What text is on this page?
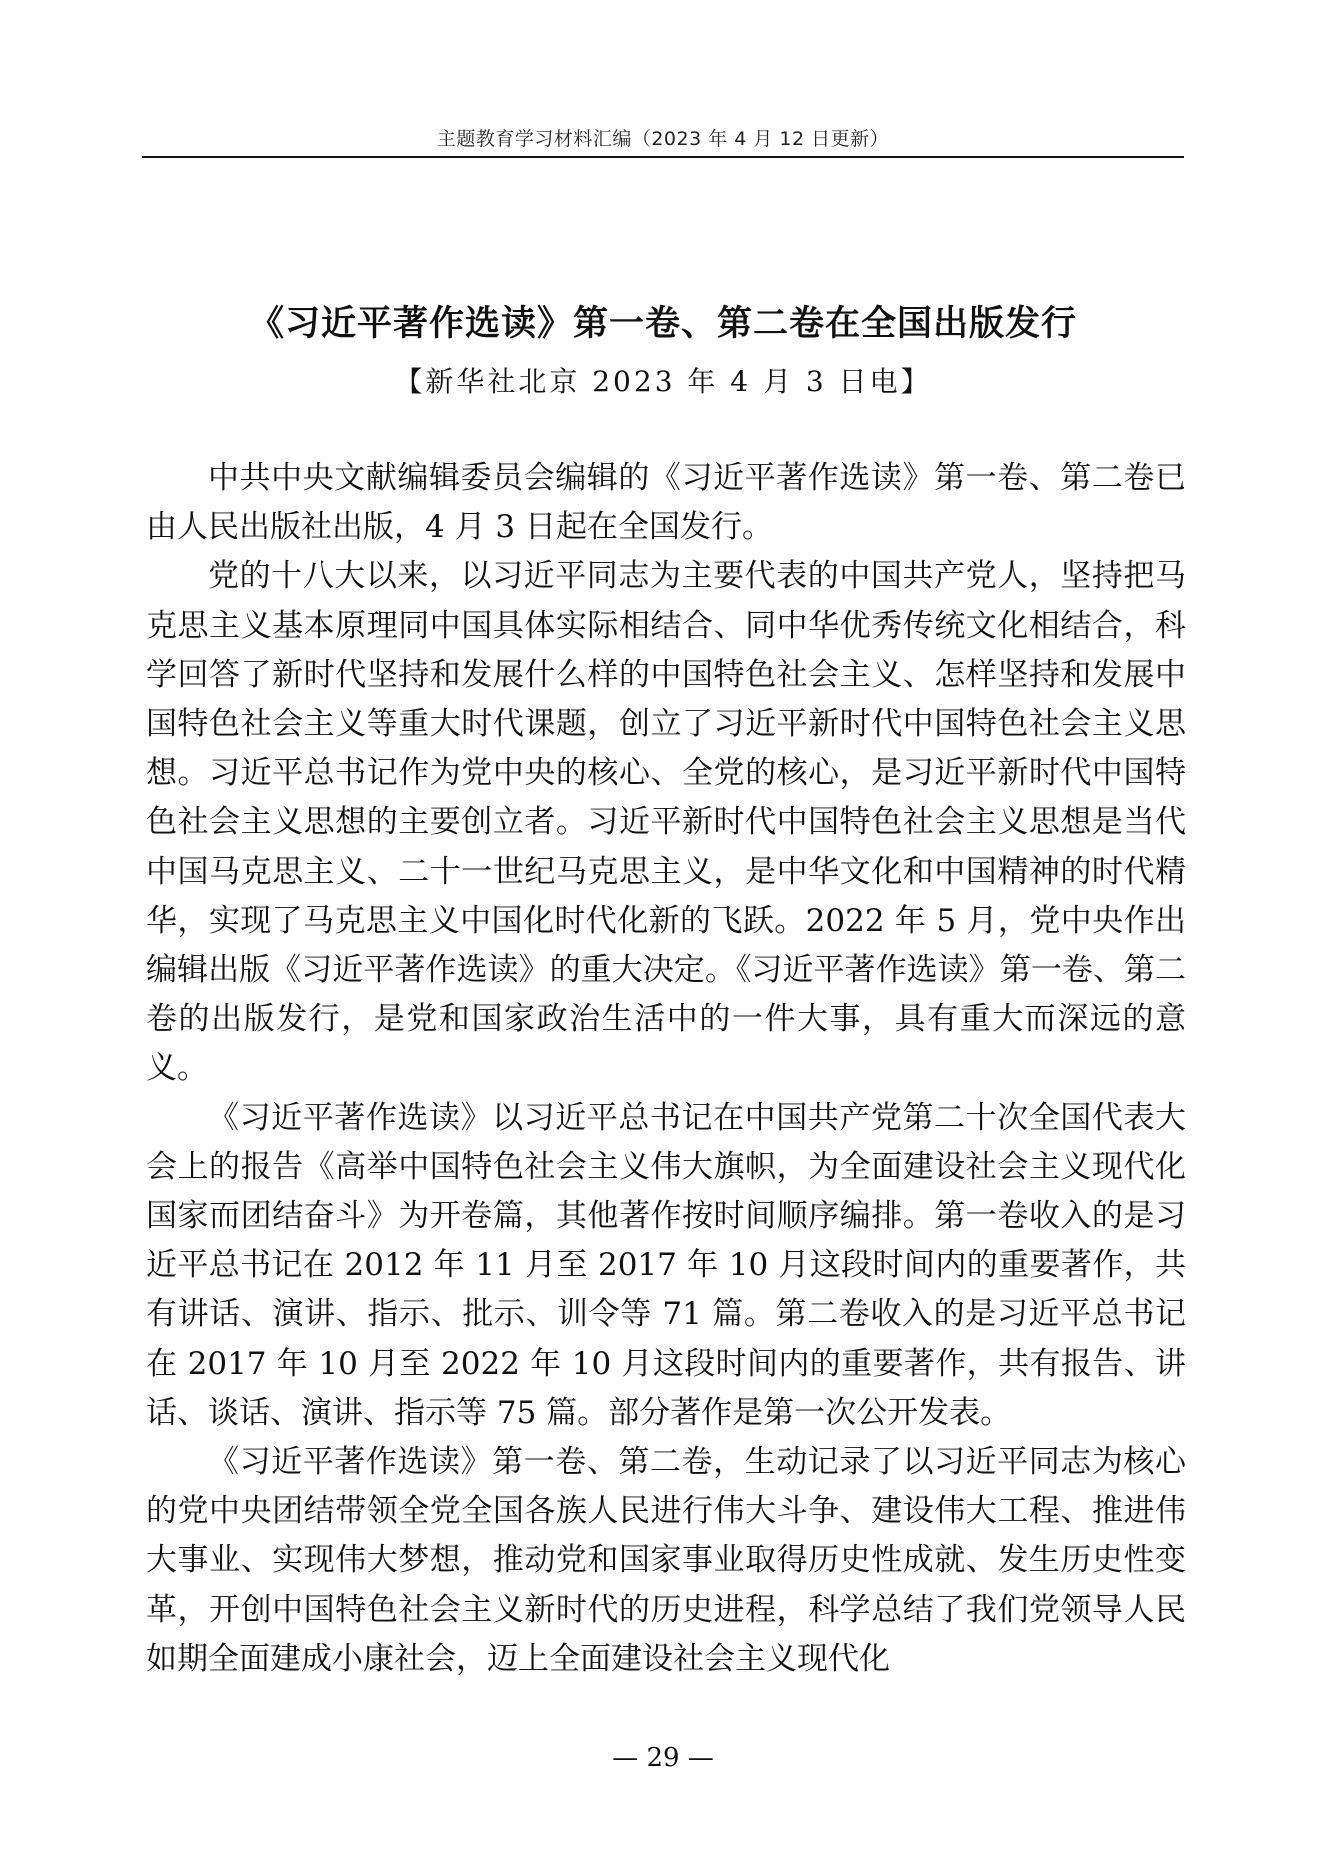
主题教育学习材料汇编（2023 年 4 月 12 日更新）
《习近平著作选读》第一卷、第二卷在全国出版发行
【新华社北京 2023 年 4 月 3 日电】

中共中央文献编辑委员会编辑的《习近平著作选读》第一卷、第二卷已由人民出版社出版，4 月 3 日起在全国发行。

党的十八大以来，以习近平同志为主要代表的中国共产党人，坚持把马克思主义基本原理同中国具体实际相结合、同中华优秀传统文化相结合，科学回答了新时代坚持和发展什么样的中国特色社会主义、怎样坚持和发展中国特色社会主义等重大时代课题，创立了习近平新时代中国特色社会主义思想。习近平总书记作为党中央的核心、全党的核心，是习近平新时代中国特色社会主义思想的主要创立者。习近平新时代中国特色社会主义思想是当代中国马克思主义、二十一世纪马克思主义，是中华文化和中国精神的时代精华，实现了马克思主义中国化时代化新的飞跃。2022 年 5 月，党中央作出编辑出版《习近平著作选读》的重大决定。《习近平著作选读》第一卷、第二卷的出版发行，是党和国家政治生活中的一件大事，具有重大而深远的意义。

《习近平著作选读》以习近平总书记在中国共产党第二十次全国代表大会上的报告《高举中国特色社会主义伟大旗帜，为全面建设社会主义现代化国家而团结奋斗》为开卷篇，其他著作按时间顺序编排。第一卷收入的是习近平总书记在 2012 年 11 月至 2017 年 10 月这段时间内的重要著作，共有讲话、演讲、指示、批示、训令等 71 篇。第二卷收入的是习近平总书记在 2017 年 10 月至 2022 年 10 月这段时间内的重要著作，共有报告、讲话、谈话、演讲、指示等 75 篇。部分著作是第一次公开发表。

《习近平著作选读》第一卷、第二卷，生动记录了以习近平同志为核心的党中央团结带领全党全国各族人民进行伟大斗争、建设伟大工程、推进伟大事业、实现伟大梦想，推动党和国家事业取得历史性成就、发生历史性变革，开创中国特色社会主义新时代的历史进程，科学总结了我们党领导人民如期全面建成小康社会，迈上全面建设社会主义现代化

— 29 —
